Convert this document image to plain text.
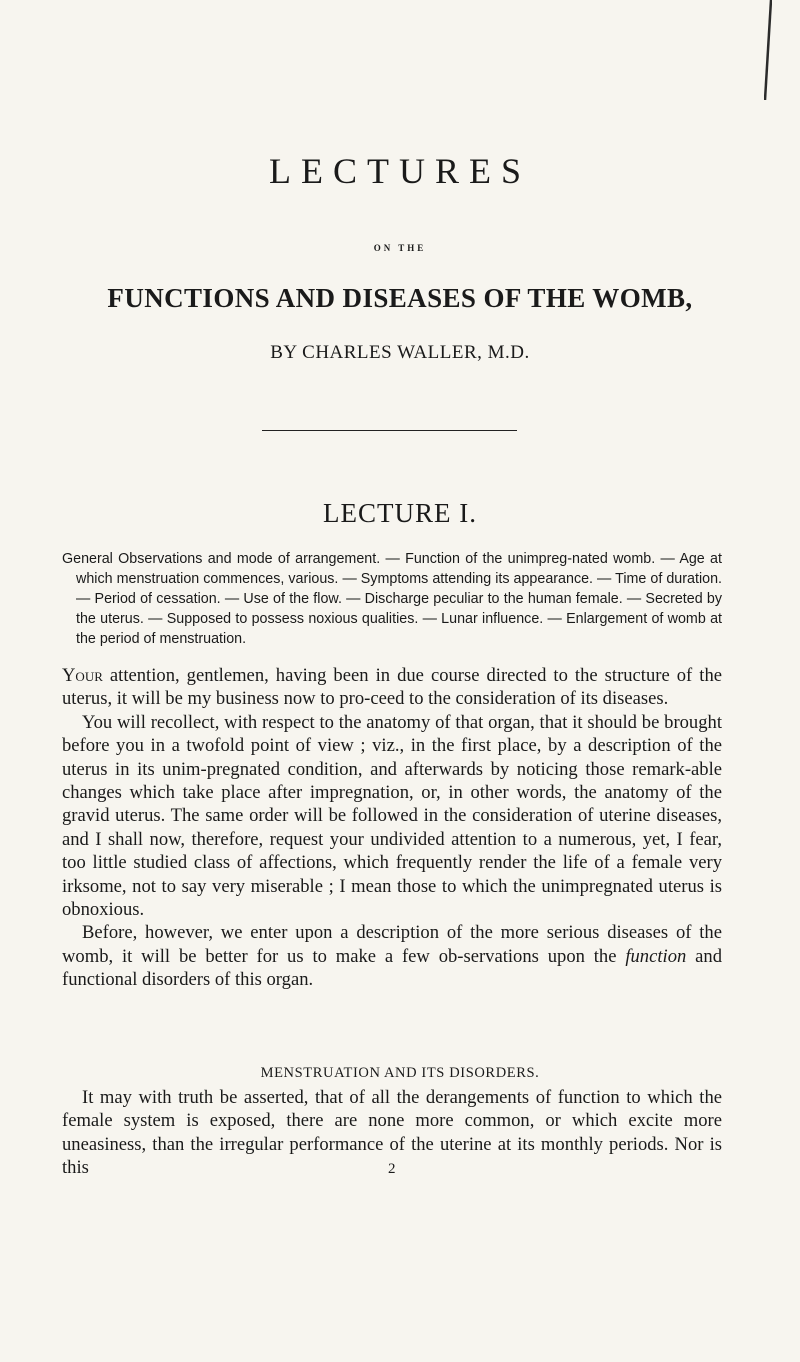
LECTURES
ON THE
FUNCTIONS AND DISEASES OF THE WOMB,
BY CHARLES WALLER, M.D.
LECTURE I.
General Observations and mode of arrangement. — Function of the unimpreg-nated womb. — Age at which menstruation commences, various. — Symptoms attending its appearance. — Time of duration. — Period of cessation. — Use of the flow. — Discharge peculiar to the human female. — Secreted by the uterus. — Supposed to possess noxious qualities. — Lunar influence. — Enlargement of womb at the period of menstruation.

Your attention, gentlemen, having been in due course directed to the structure of the uterus, it will be my business now to pro-ceed to the consideration of its diseases.

You will recollect, with respect to the anatomy of that organ, that it should be brought before you in a twofold point of view ; viz., in the first place, by a description of the uterus in its unim-pregnated condition, and afterwards by noticing those remark-able changes which take place after impregnation, or, in other words, the anatomy of the gravid uterus. The same order will be followed in the consideration of uterine diseases, and I shall now, therefore, request your undivided attention to a numerous, yet, I fear, too little studied class of affections, which frequently render the life of a female very irksome, not to say very miserable ; I mean those to which the unimpregnated uterus is obnoxious.

Before, however, we enter upon a description of the more serious diseases of the womb, it will be better for us to make a few ob-servations upon the function and functional disorders of this organ.

MENSTRUATION AND ITS DISORDERS.

It may with truth be asserted, that of all the derangements of function to which the female system is exposed, there are none more common, or which excite more uneasiness, than the irregular performance of the uterine at its monthly periods. Nor is this	2
